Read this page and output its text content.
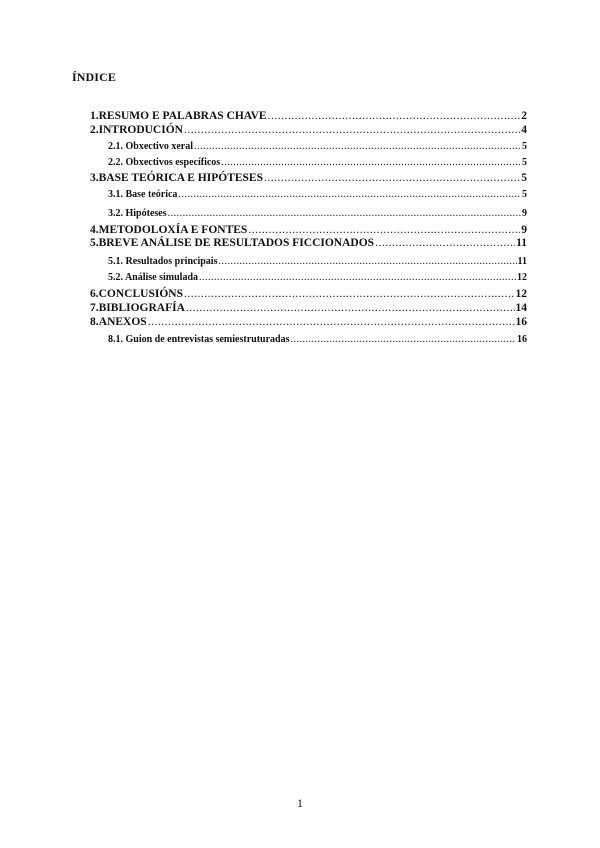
ÍNDICE
1. RESUMO E PALABRAS CHAVE .....	2
2. INTRODUCIÓN .....	4
2.1. Obxectivo xeral .....	5
2.2. Obxectivos específicos .....	5
3. BASE TEÓRICA E HIPÓTESES .....	5
3.1. Base teórica .....	5
3.2. Hipóteses .....	9
4. METODOLOXÍA E FONTES .....	9
5. BREVE ANÁLISE DE RESULTADOS FICCIONADOS .....	11
5.1. Resultados principais .....	11
5.2. Análise simulada .....	12
6. CONCLUSIÓNS .....	12
7. BIBLIOGRAFÍA .....	14
8. ANEXOS .....	16
8.1. Guion de entrevistas semiestruturadas .....	16
1
